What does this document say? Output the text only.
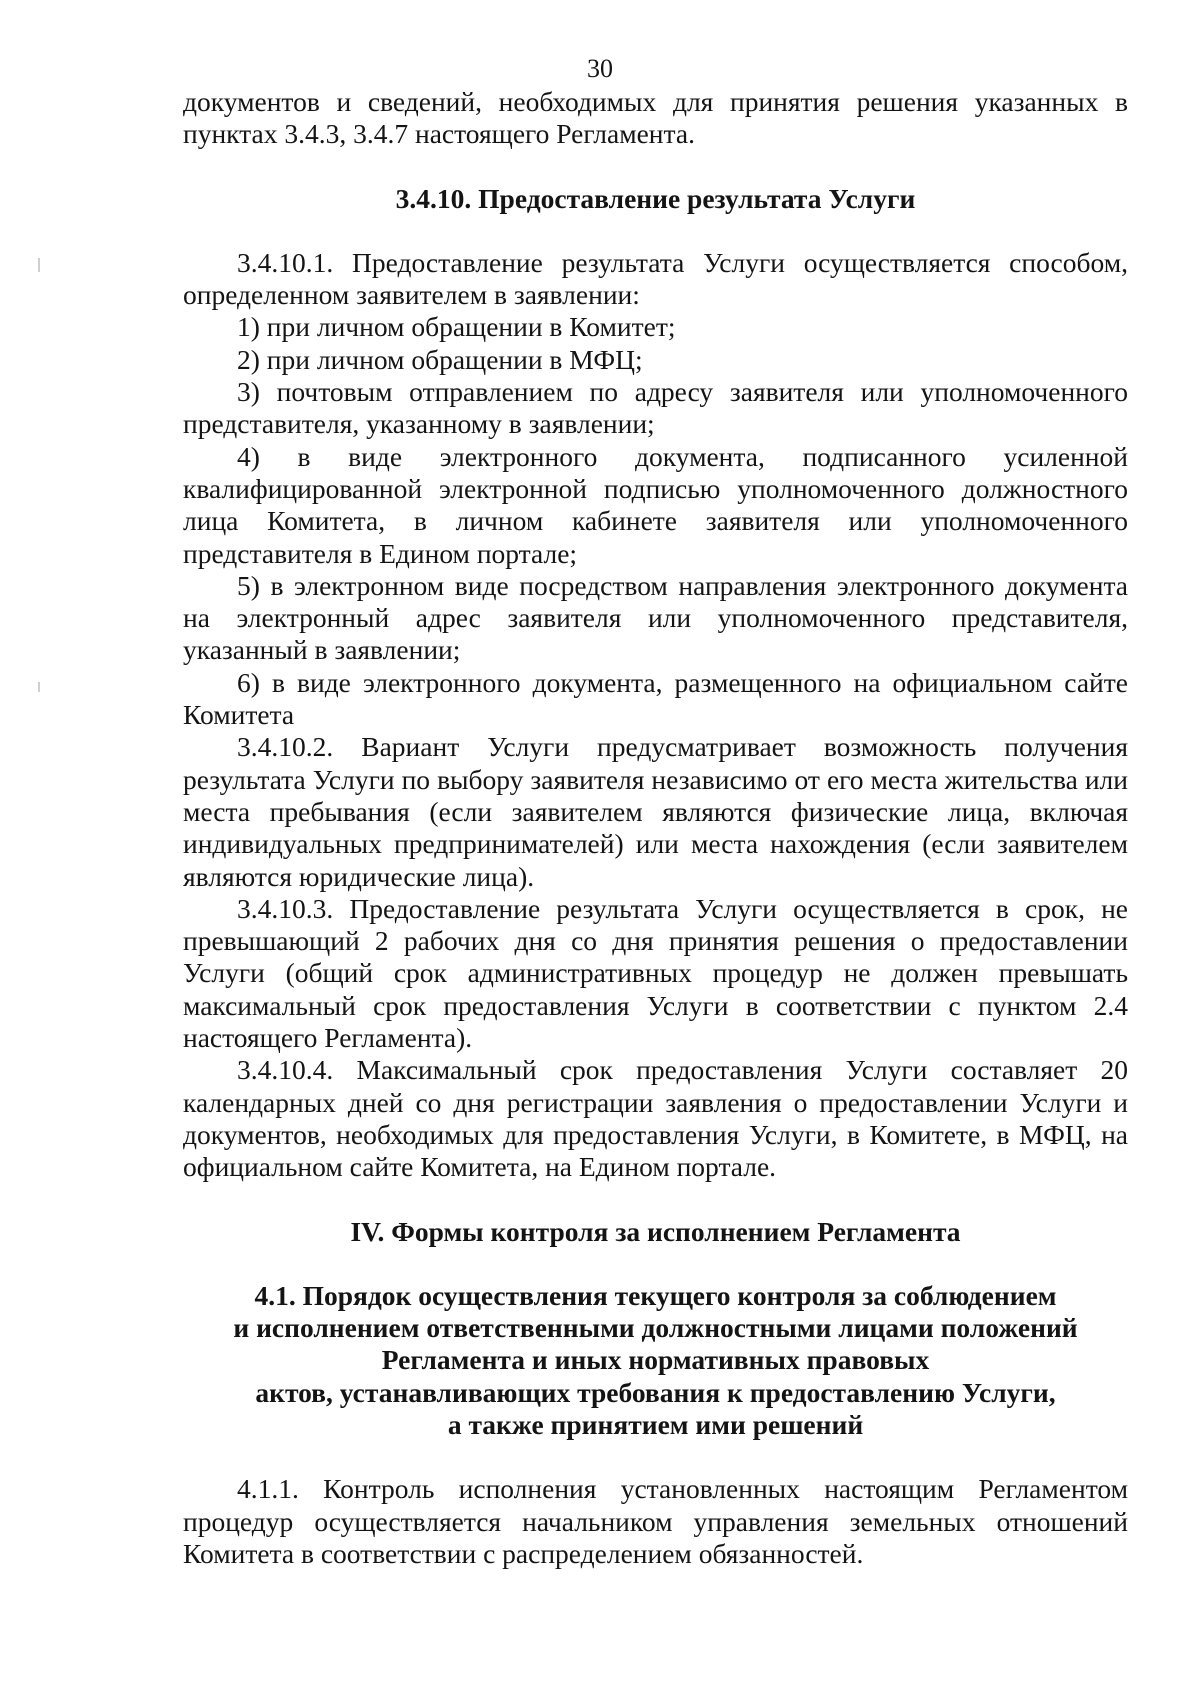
30

документов и сведений, необходимых для принятия решения указанных в пунктах 3.4.3, 3.4.7 настоящего Регламента.

3.4.10. Предоставление результата Услуги

3.4.10.1. Предоставление результата Услуги осуществляется способом, определенном заявителем в заявлении:

1) при личном обращении в Комитет;

2) при личном обращении в МФЦ;

3) почтовым отправлением по адресу заявителя или уполномоченного представителя, указанному в заявлении;

4) в виде электронного документа, подписанного усиленной квалифицированной электронной подписью уполномоченного должностного лица Комитета, в личном кабинете заявителя или уполномоченного представителя в Едином портале;

5) в электронном виде посредством направления электронного документа на электронный адрес заявителя или уполномоченного представителя, указанный в заявлении;

6) в виде электронного документа, размещенного на официальном сайте Комитета

3.4.10.2. Вариант Услуги предусматривает возможность получения результата Услуги по выбору заявителя независимо от его места жительства или места пребывания (если заявителем являются физические лица, включая индивидуальных предпринимателей) или места нахождения (если заявителем являются юридические лица).

3.4.10.3. Предоставление результата Услуги осуществляется в срок, не превышающий 2 рабочих дня со дня принятия решения о предоставлении Услуги (общий срок административных процедур не должен превышать максимальный срок предоставления Услуги в соответствии с пунктом 2.4 настоящего Регламента).

3.4.10.4. Максимальный срок предоставления Услуги составляет 20 календарных дней со дня регистрации заявления о предоставлении Услуги и документов, необходимых для предоставления Услуги, в Комитете, в МФЦ, на официальном сайте Комитета, на Едином портале.

IV. Формы контроля за исполнением Регламента

4.1. Порядок осуществления текущего контроля за соблюдением
и исполнением ответственными должностными лицами положений
Регламента и иных нормативных правовых
актов, устанавливающих требования к предоставлению Услуги,
а также принятием ими решений

4.1.1. Контроль исполнения установленных настоящим Регламентом процедур осуществляется начальником управления земельных отношений Комитета в соответствии с распределением обязанностей.
